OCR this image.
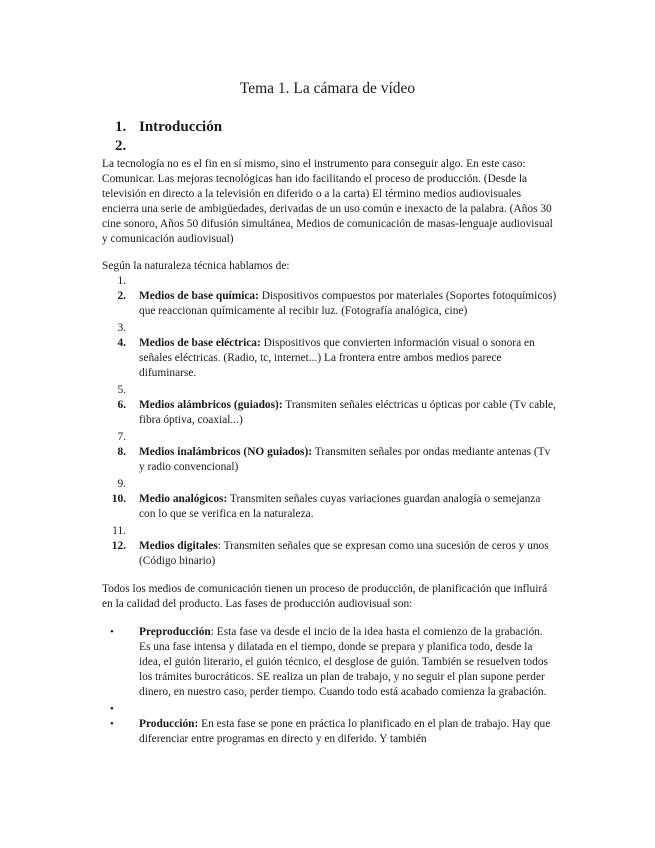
Tema 1. La cámara de vídeo
1. Introducción
2.
La tecnología no es el fin en sí mismo, sino el instrumento para conseguir algo. En este caso: Comunicar. Las mejoras tecnológicas han ido facilitando el proceso de producción. (Desde la televisión en directo a la televisión en diferido o a la carta) El término medios audiovisuales encierra una serie de ambigüedades, derivadas de un uso común e inexacto de la palabra. (Años 30 cine sonoro, Años 50 difusión simultánea, Medios de comunicación de masas-lenguaje audiovisual y comunicación audiovisual)
Según la naturaleza técnica hablamos de:
1.
2. Medios de base química: Dispositivos compuestos por materiales (Soportes fotoquímicos) que reaccionan químicamente al recibir luz. (Fotografía analógica, cine)
3.
4. Medios de base eléctrica: Dispositivos que convierten información visual o sonora en señales eléctricas. (Radio, tc, internet...) La frontera entre ambos medios parece difuminarse.
5.
6. Medios alámbricos (guiados): Transmiten señales eléctricas u ópticas por cable (Tv cable, fibra óptiva, coaxial...)
7.
8. Medios inalámbricos (NO guiados): Transmiten señales por ondas mediante antenas (Tv y radio convencional)
9.
10. Medio analógicos: Transmiten señales cuyas variaciones guardan analogía o semejanza con lo que se verifica en la naturaleza.
11.
12. Medios digitales: Transmiten señales que se expresan como una sucesión de ceros y unos (Código binario)
Todos los medios de comunicación tienen un proceso de producción, de planificación que influirá en la calidad del producto. Las fases de producción audiovisual son:
•	Preproducción: Esta fase va desde el incio de la idea hasta el comienzo de la grabación. Es una fase intensa y dilatada en el tiempo, donde se prepara y planifica todo, desde la idea, el guión literario, el guión técnico, el desglose de guión. También se resuelven todos los trámites burocráticos. SE realiza un plan de trabajo, y no seguir el plan supone perder dinero, en nuestro caso, perder tiempo. Cuando todo está acabado comienza la grabación.
•
•	Producción: En esta fase se pone en práctica lo planificado en el plan de trabajo. Hay que diferenciar entre programas en directo y en diferido. Y también
